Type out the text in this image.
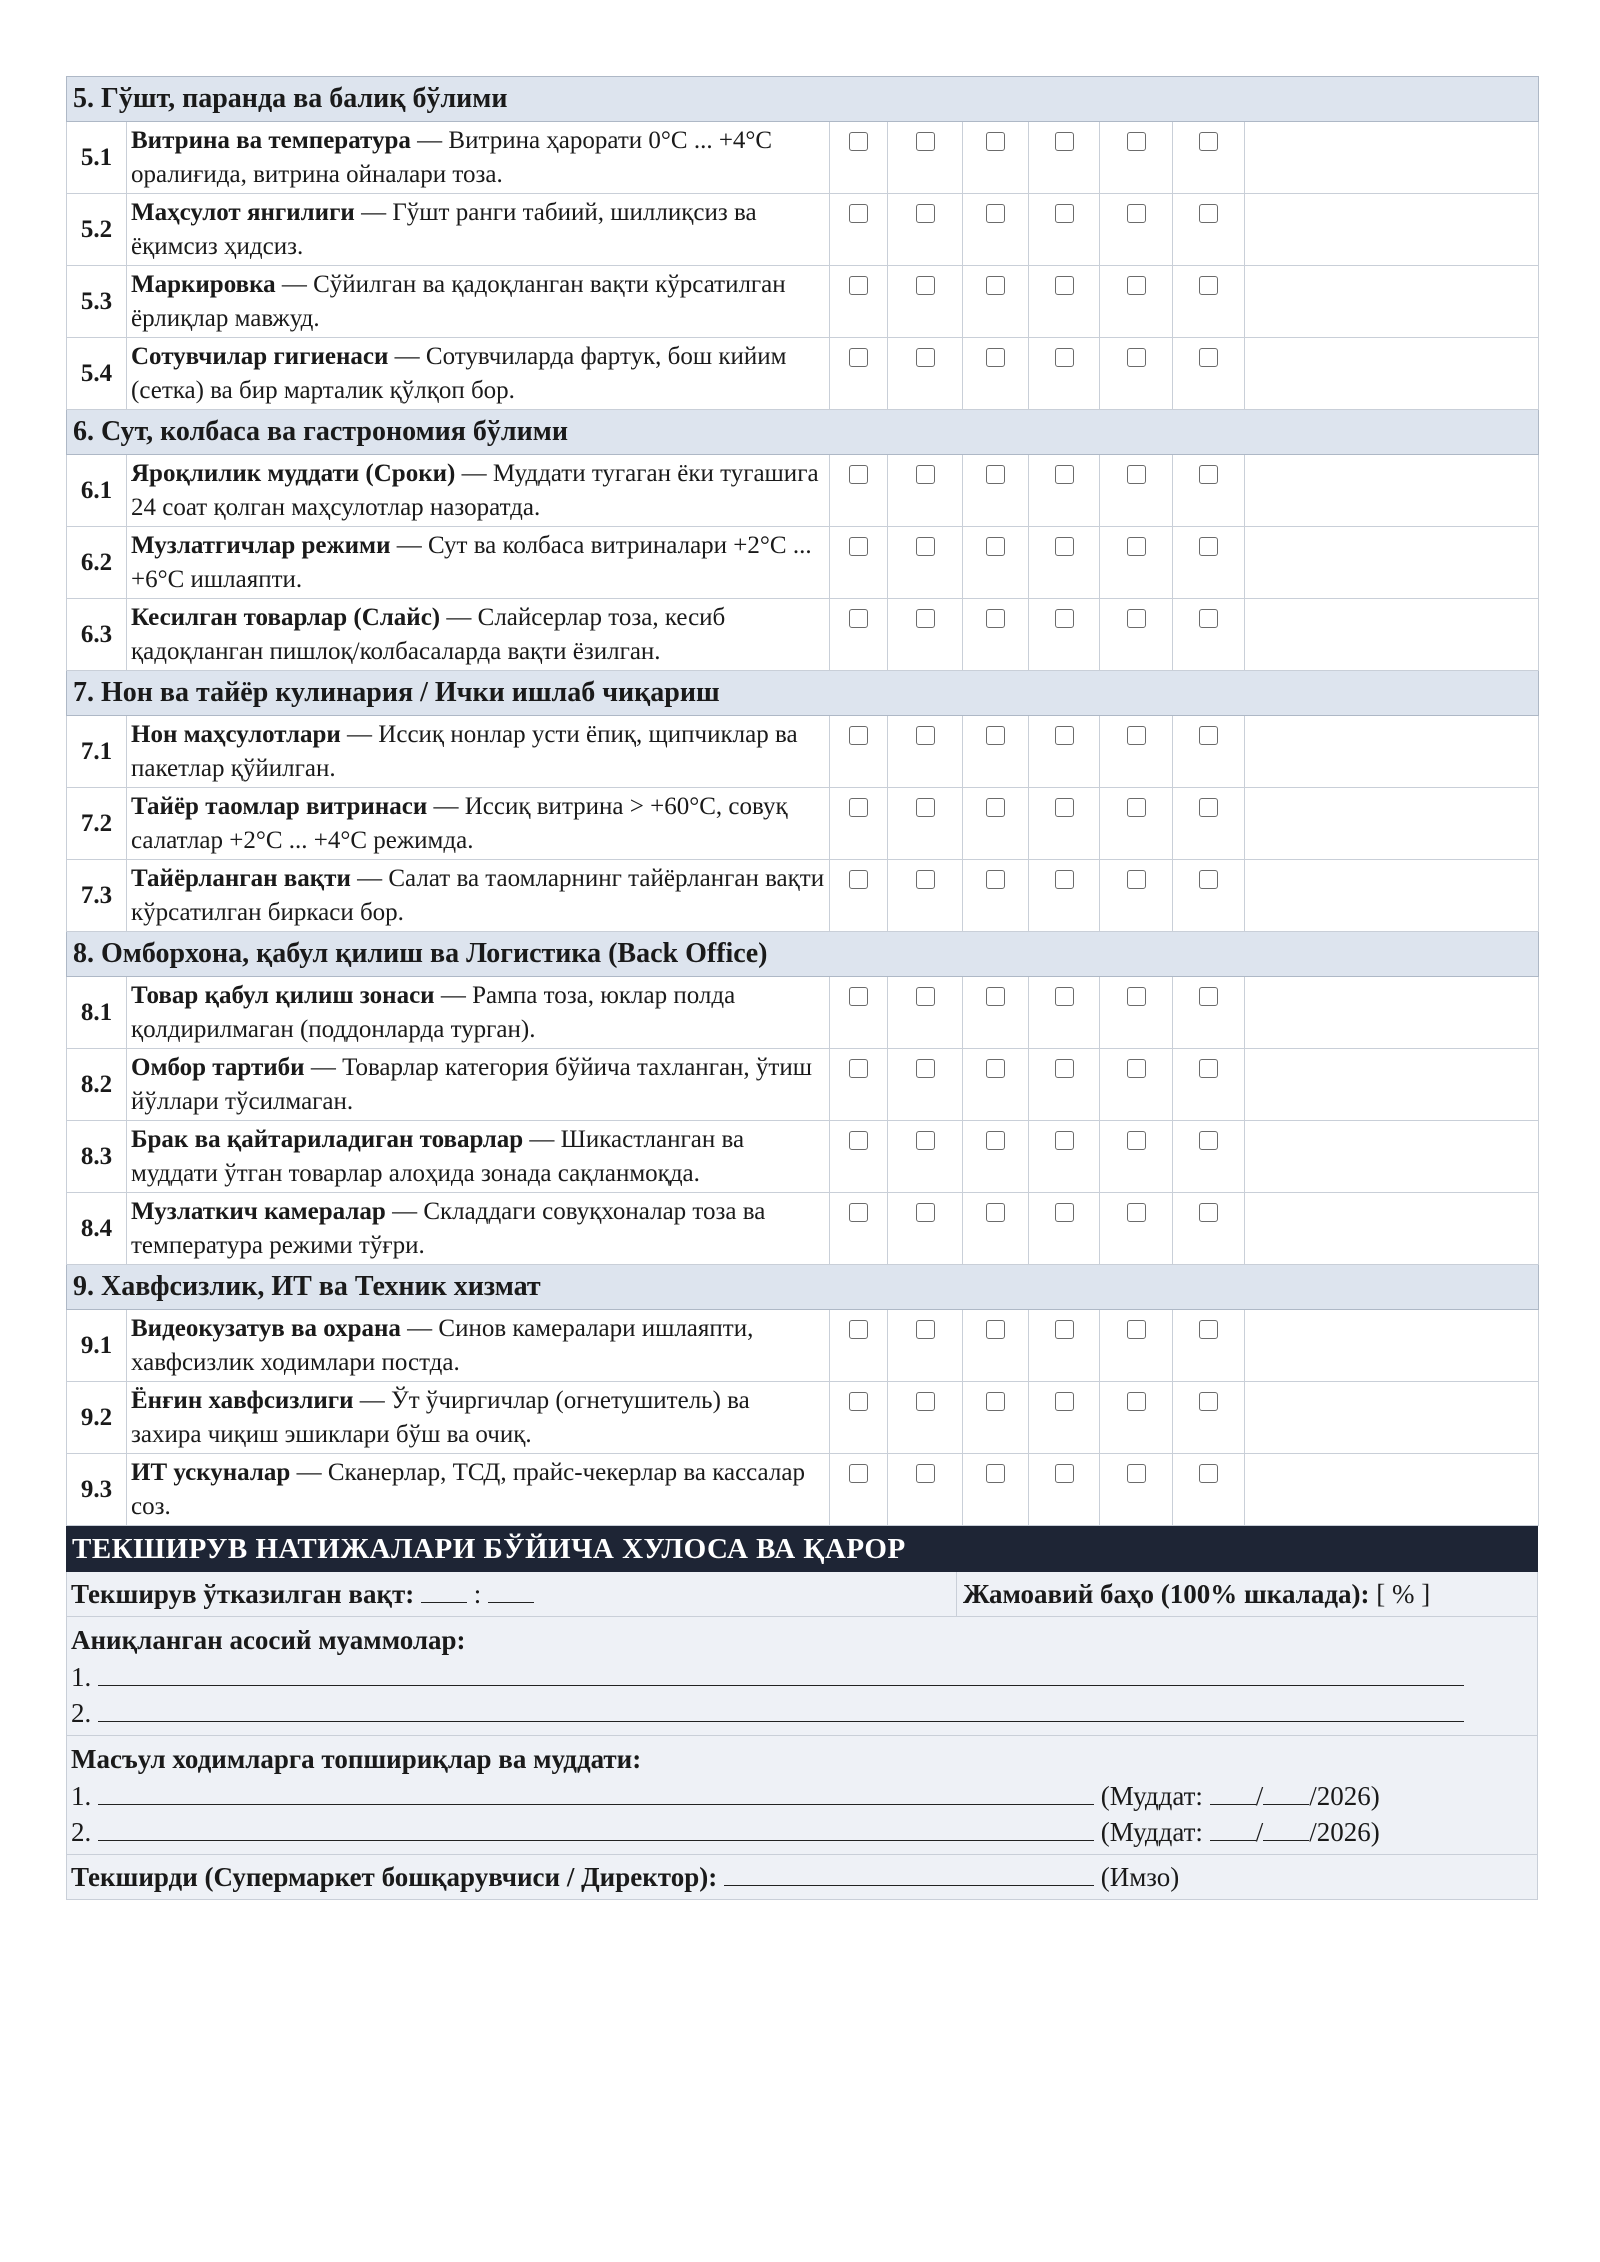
5. Гўшт, паранда ва балиқ бўлими								
5.1	Витрина ва температура — Витрина ҳарорати 0°C ... +4°C оралиғида, витрина ойналари тоза.							
5.2	Маҳсулот янгилиги — Гўшт ранги табиий, шиллиқсиз ва ёқимсиз ҳидсиз.							
5.3	Маркировка — Сўйилган ва қадоқланган вақти кўрсатилган ёрлиқлар мавжуд.							
5.4	Сотувчилар гигиенаси — Сотувчиларда фартук, бош кийим (сетка) ва бир марталик қўлқоп бор.							
6. Сут, колбаса ва гастрономия бўлими								
6.1	Яроқлилик муддати (Сроки) — Муддати тугаган ёки тугашига 24 соат қолган маҳсулотлар назоратда.							
6.2	Музлатгичлар режими — Сут ва колбаса витриналари +2°C ... +6°C ишлаяпти.							
6.3	Кесилган товарлар (Слайс) — Слайсерлар тоза, кесиб қадоқланган пишлоқ/колбасаларда вақти ёзилган.							
7. Нон ва тайёр кулинария / Ички ишлаб чиқариш								
7.1	Нон маҳсулотлари — Иссиқ нонлар усти ёпиқ, щипчиклар ва пакетлар қўйилган.							
7.2	Тайёр таомлар витринаси — Иссиқ витрина > +60°C, совуқ салатлар +2°C ... +4°C режимда.							
7.3	Тайёрланган вақти — Салат ва таомларнинг тайёрланган вақти кўрсатилган биркаси бор.							
8. Омборхона, қабул қилиш ва Логистика (Back Office)								
8.1	Товар қабул қилиш зонаси — Рампа тоза, юклар полда қолдирилмаган (поддонларда турган).							
8.2	Омбор тартиби — Товарлар категория бўйича тахланган, ўтиш йўллари тўсилмаган.							
8.3	Брак ва қайтариладиган товарлар — Шикастланган ва муддати ўтган товарлар алоҳида зонада сақланмоқда.							
8.4	Музлаткич камералар — Складдаги совуқхоналар тоза ва температура режими тўғри.							
9. Хавфсизлик, ИТ ва Техник хизмат								
9.1	Видеокузатув ва охрана — Синов камералари ишлаяпти, хавфсизлик ходимлари постда.							
9.2	Ёнғин хавфсизлиги — Ўт ўчиргичлар (огнетушитель) ва захира чиқиш эшиклари бўш ва очиқ.							
9.3	ИТ ускуналар — Сканерлар, ТСД, прайс-чекерлар ва кассалар соз.							
ТЕКШИРУВ НАТИЖАЛАРИ БЎЙИЧА ХУЛОСА ВА ҚАРОР
Текширув ўтказилган вақт: :	Жамоавий баҳо (100% шкалада): [ % ]
Аниқланган асосий муаммолар:
1.
2.
Масъул ходимларга топшириқлар ва муддати:
1.	(Муддат: / /2026)
2.	(Муддат: / /2026)
Текширди (Супермаркет бошқарувчиси / Директор):	(Имзо)
